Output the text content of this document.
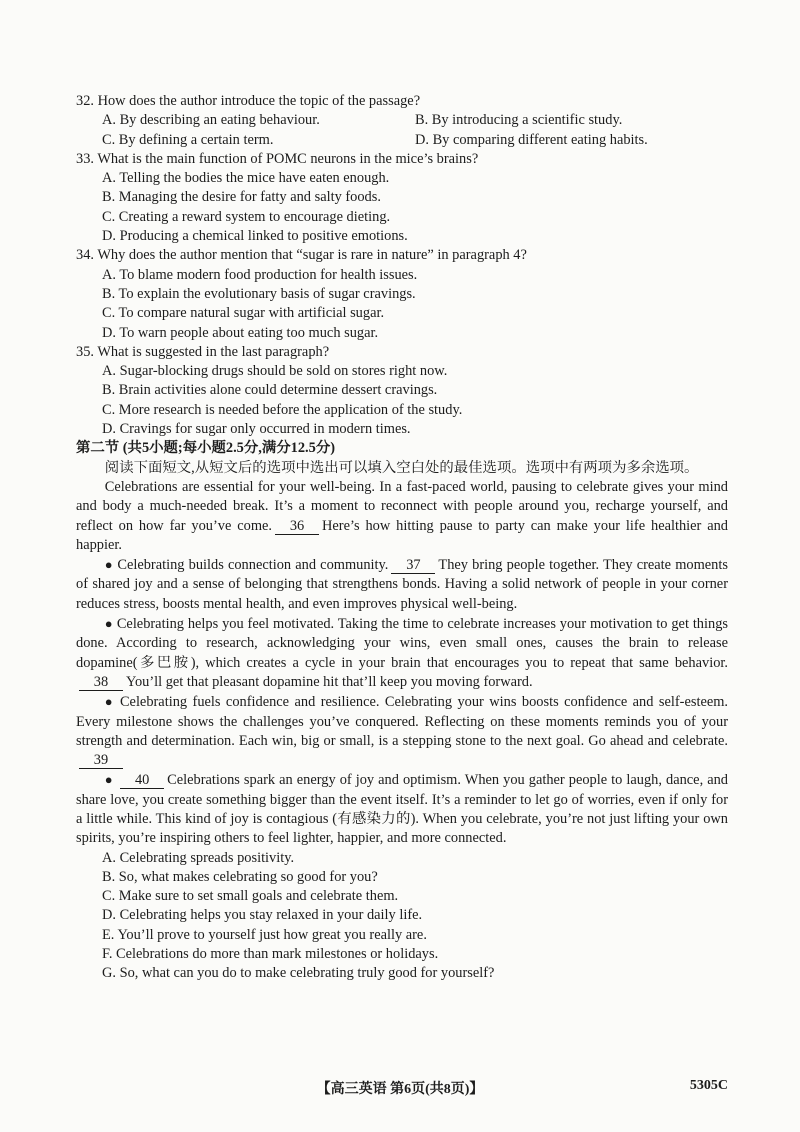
32. How does the author introduce the topic of the passage?

A. By describing an eating behaviour.	B. By introducing a scientific study.
C. By defining a certain term.	D. By comparing different eating habits.

33. What is the main function of POMC neurons in the mice’s brains?

A. Telling the bodies the mice have eaten enough.

B. Managing the desire for fatty and salty foods.

C. Creating a reward system to encourage dieting.

D. Producing a chemical linked to positive emotions.

34. Why does the author mention that “sugar is rare in nature” in paragraph 4?

A. To blame modern food production for health issues.

B. To explain the evolutionary basis of sugar cravings.

C. To compare natural sugar with artificial sugar.

D. To warn people about eating too much sugar.

35. What is suggested in the last paragraph?

A. Sugar-blocking drugs should be sold on stores right now.

B. Brain activities alone could determine dessert cravings.

C. More research is needed before the application of the study.

D. Cravings for sugar only occurred in modern times.

第二节 (共5小题;每小题2.5分,满分12.5分)

阅读下面短文,从短文后的选项中选出可以填入空白处的最佳选项。选项中有两项为多余选项。

Celebrations are essential for your well-being. In a fast-paced world, pausing to celebrate gives your mind and body a much-needed break. It’s a moment to reconnect with people around you, recharge yourself, and reflect on how far you’ve come. 36 Here’s how hitting pause to party can make your life healthier and happier.

● Celebrating builds connection and community. 37 They bring people together. They create moments of shared joy and a sense of belonging that strengthens bonds. Having a solid network of people in your corner reduces stress, boosts mental health, and even improves physical well-being.

● Celebrating helps you feel motivated. Taking the time to celebrate increases your motivation to get things done. According to research, acknowledging your wins, even small ones, causes the brain to release dopamine(多巴胺), which creates a cycle in your brain that encourages you to repeat that same behavior.38 You’ll get that pleasant dopamine hit that’ll keep you moving forward.

● Celebrating fuels confidence and resilience. Celebrating your wins boosts confidence and self-esteem. Every milestone shows the challenges you’ve conquered. Reflecting on these moments reminds you of your strength and determination. Each win, big or small, is a stepping stone to the next goal. Go ahead and celebrate.39

● 40 Celebrations spark an energy of joy and optimism. When you gather people to laugh, dance, and share love, you create something bigger than the event itself. It’s a reminder to let go of worries, even if only for a little while. This kind of joy is contagious (有感染力的). When you celebrate, you’re not just lifting your own spirits, you’re inspiring others to feel lighter, happier, and more connected.

A. Celebrating spreads positivity.

B. So, what makes celebrating so good for you?

C. Make sure to set small goals and celebrate them.

D. Celebrating helps you stay relaxed in your daily life.

E. You’ll prove to yourself just how great you really are.

F. Celebrations do more than mark milestones or holidays.

G. So, what can you do to make celebrating truly good for yourself?

【高三英语 第6页(共8页)】	5305C
